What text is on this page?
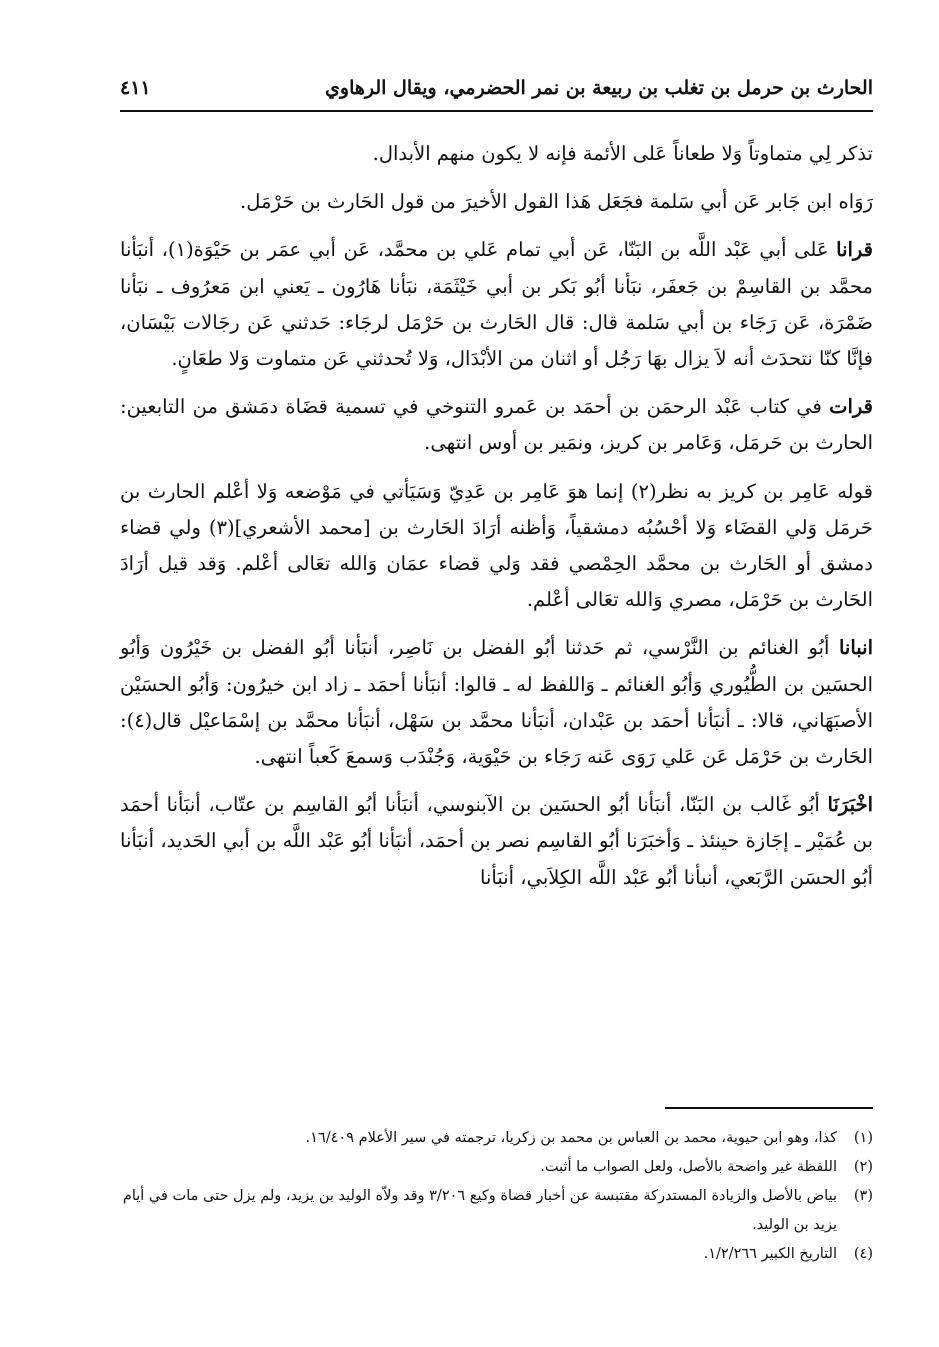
الحارث بن حرمل بن تغلب بن ربيعة بن نمر الحضرمي، ويقال الرهاوي
٤١١

تذكر لِي متماوتاً وَلا طعاناً عَلى الأئمة فإنه لا يكون منهم الأبدال.

رَوَاه ابن جَابر عَن أبي سَلمة فجَعَل هَذا القول الأخيرَ من قول الحَارث بن حَرْمَل.

قرانا عَلى أبي عَبْد اللَّه بن البَنّا، عَن أبي تمام عَلي بن محمَّد، عَن أبي عمَر بن حَيْوَة(١)، أنبَأنا محمَّد بن القاسِمْ بن جَعفَر، نبَأنا أبُو بَكر بن أبي خَيْثَمَة، نبَأنا هَارُون ـ يَعني ابن مَعرُوف ـ نبَأنا ضَمْرَة، عَن رَجَاء بن أبي سَلمة قال: قال الحَارث بن حَرْمَل لرجَاء: حَدثني عَن رجَالات بَيْسَان، فإنَّا كنّا نتحدَث أنه لاَ يزال بهَا رَجُل أو اثنان من الأبْدَال، وَلا تُحدثني عَن متماوت وَلا طعَانٍ.

قرات في كتاب عَبْد الرحمَن بن أحمَد بن عَمرو التنوخي في تسمية قضَاة دمَشق من التابعين: الحارث بن حَرمَل، وَعَامر بن كريز، ونمَير بن أوس انتهى.

قوله عَامِر بن كريز به نظر(٢) إنما هوَ عَامِر بن عَدِيّ وَسَيَأتي في مَوْضعه وَلا أعْلم الحارث بن حَرمَل وَلي القضَاء وَلا أحْسُبُه دمشقياً، وَأظنه أرَادَ الحَارث بن [محمد الأشعري](٣) ولي قضاء دمشق أو الحَارث بن محمَّد الحِمْصي فقد وَلي قضاء عمَان وَالله تعَالى أعْلم. وَقد قيل أرَادَ الحَارث بن حَرْمَل، مصري وَالله تعَالى أعْلم.

انبانا أبُو الغنائم بن النَّرْسي، ثم حَدثنا أبُو الفضل بن نَاصِر، أنبَأنا أبُو الفضل بن خَيْرُون وَأبُو الحسَين بن الطُّيُوري وَأبُو الغنائم ـ وَاللفظ له ـ قالوا: أنبَأنا أحمَد ـ زاد ابن خيرُون: وَأبُو الحسَيْن الأصبَهَاني، قالا: ـ أنبَأنا أحمَد بن عَبْدان، أنبَأنا محمَّد بن سَهْل، أنبَأنا محمَّد بن إسْمَاعيْل قال(٤): الحَارث بن حَرْمَل عَن عَلي رَوَى عَنه رَجَاء بن حَيْوَية، وَجُنْدَب وَسمعَ كَعباً انتهى.

اخْبَرَنَا أبُو غَالب بن البَنّا، أنبَأنا أبُو الحسَين بن الآبنوسي، أنبَأنا أبُو القاسِم بن عتّاب، أنبَأنا أحمَد بن عُمَيْر ـ إجَازة حينئذ ـ وَأخبَرَنا أبُو القاسِم نصر بن أحمَد، أنبَأنا أبُو عَبْد اللَّه بن أبي الحَديد، أنبَأنا أبُو الحسَن الرَّبَعي، أنبأنا أبُو عَبْد اللَّه الكِلاَبي، أنبَأنا

(١)
كذا، وهو ابن حيوية، محمد بن العباس بن محمد بن زكريا، ترجمته في سير الأعلام ١٦/٤٠٩.
(٢)
اللفظة غير واضحة بالأصل، ولعل الصواب ما أثبت.
(٣)
بياض بالأصل والزيادة المستدركة مقتبسة عن أخبار قضاة وكيع ٣/٢٠٦ وقد ولاّه الوليد بن يزيد، ولم يزل حتى مات في أيام يزيد بن الوليد.
(٤)
التاريخ الكبير ١/٢/٢٦٦.
